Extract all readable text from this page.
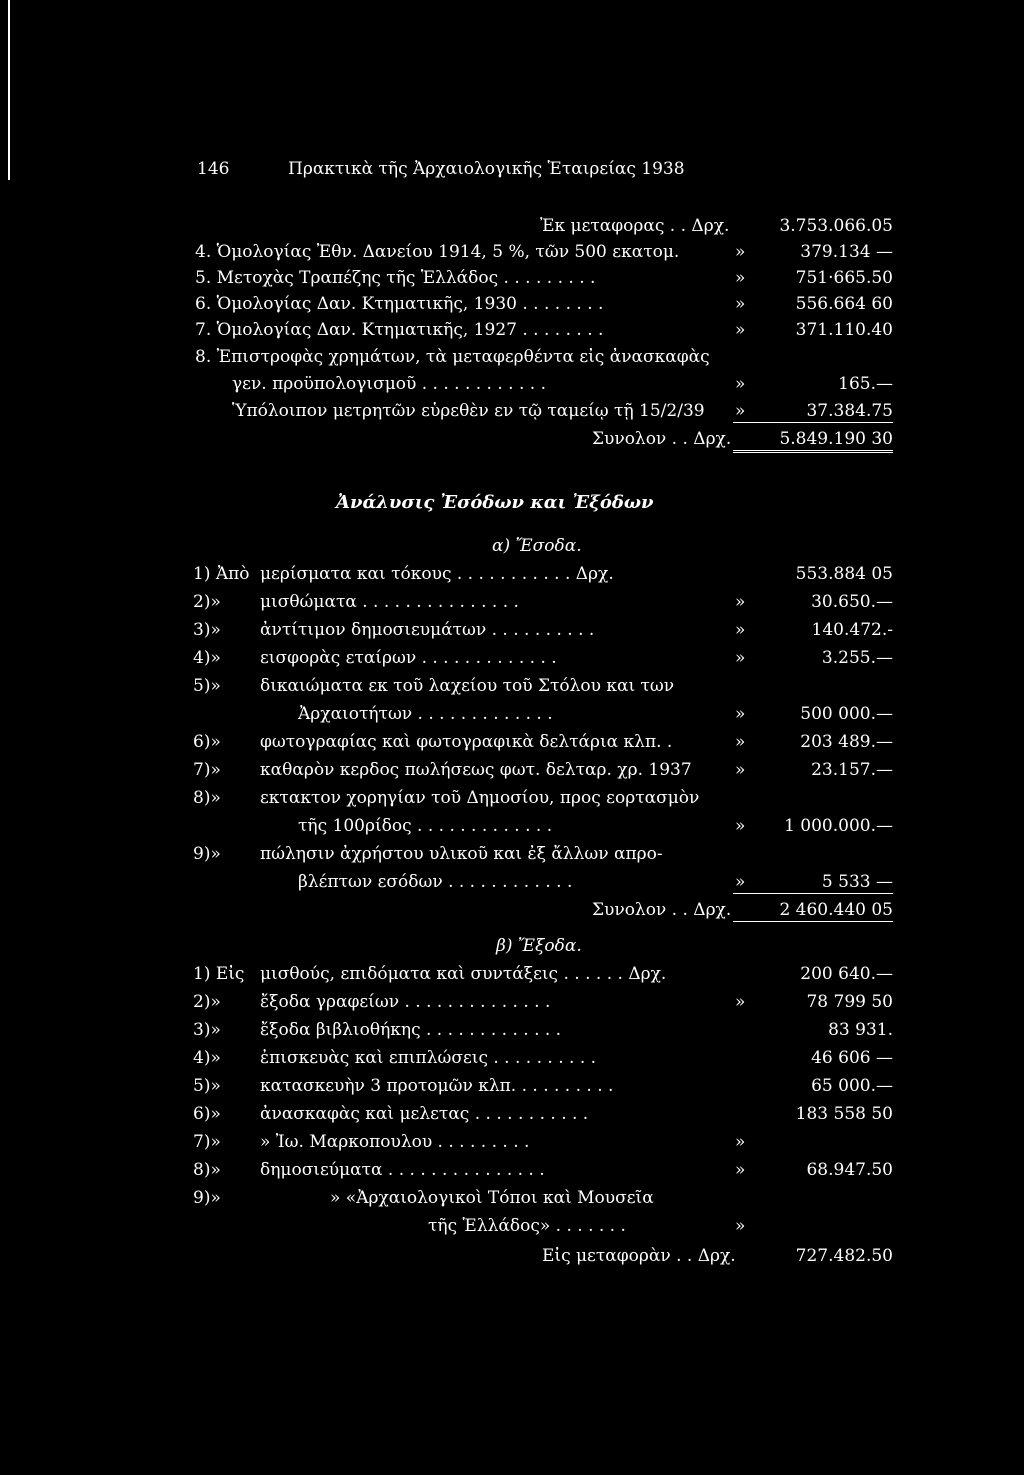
146	Πρακτικὰ τῆς Ἀρχαιολογικῆς Ἑταιρείας 1938
Ἐκ μεταφορας . . Δρχ.	3.753.066.05
4. Ὁμολογίας Ἐθν. Δανείου 1914, 5 %, τῶν 500 εκατομ.	»	379.134 —
5. Μετοχὰς Τραπέζης τῆς Ἑλλάδος . . . . . . . . .	»	751·665.50
6. Ὁμολογίας Δαν. Κτηματικῆς, 1930 . . . . . . . .	»	556.664 60
7. Ὁμολογίας Δαν. Κτηματικῆς, 1927 . . . . . . . .	»	371.110.40
8. Ἐπιστροφὰς χρημάτων, τὰ μεταφερθέντα εἰς ἀνασκαφὰς
γεν. προϋπολογισμοῦ . . . . . . . . . . . .	»	165.—
Ὑπόλοιπον μετρητῶν εὑρεθὲν εν τῷ ταμείῳ τῇ 15/2/39 »	37.384.75
Συνολον . . Δρχ.	5.849.190 30
Ἀνάλυσις Ἐσόδων και Ἐξόδων
α) Ἔσοδα.
1) Ἀπὸ μερίσματα και τόκους . . . . . . . . . . . Δρχ.	553.884 05
2)» μισθώματα . . . . . . . . . . . . . . .	»	30.650.—
3)» ἀντίτιμον δημοσιευμάτων . . . . . . . . . .	»	140.472.-
4)» εισφορὰς εταίρων . . . . . . . . . . . . .	»	3.255.—
5)» δικαιώματα εκ τοῦ λαχείου τοῦ Στόλου και των
Ἀρχαιοτήτων . . . . . . . . . . . . .	»	500 000.—
6)» φωτογραφίας καὶ φωτογραφικὰ δελτάρια κλπ. .	»	203 489.—
7)» καθαρὸν κερδος πωλήσεως φωτ. δελταρ. χρ. 1937	»	23.157.—
8)» εκτακτον χορηγίαν τοῦ Δημοσίου, προς εορτασμὸν
τῆς 100ρίδος . . . . . . . . . . . . .	»	1 000.000.—
9)» πώλησιν ἀχρήστου υλικοῦ και ἐξ ἄλλων απρο-
βλέπτων εσόδων . . . . . . . . . . . .	»	5 533 —
Συνολον . . Δρχ.	2 460.440 05
β) Ἔξοδα.
1) Εἰς μισθούς, επιδόματα καὶ συντάξεις . . . . . . Δρχ.	200 640.—
2)» ἔξοδα γραφείων . . . . . . . . . . . . . .	»	78 799 50
3)» ἔξοδα βιβλιοθήκης . . . . . . . . . . . . .	83 931.
4)» ἐπισκευὰς καὶ επιπλώσεις . . . . . . . . . .	46 606 —
5)» κατασκευὴν 3 προτομῶν κλπ. . . . . . . . . .	65 000.—
6)» ἀνασκαφὰς καὶ μελετας . . . . . . . . . . .	183 558 50
7)» » Ἰω. Μαρκοπουλου . . . . . . . . .	»
8)» δημοσιεύματα . . . . . . . . . . . . . . .	»	68.947.50
9)»	» «Ἀρχαιολογικοὶ Τόποι καὶ Μουσεῖα
τῆς Ἑλλάδος» . . . . . . .	»
Εἰς μεταφορὰν . . Δρχ.	727.482.50
